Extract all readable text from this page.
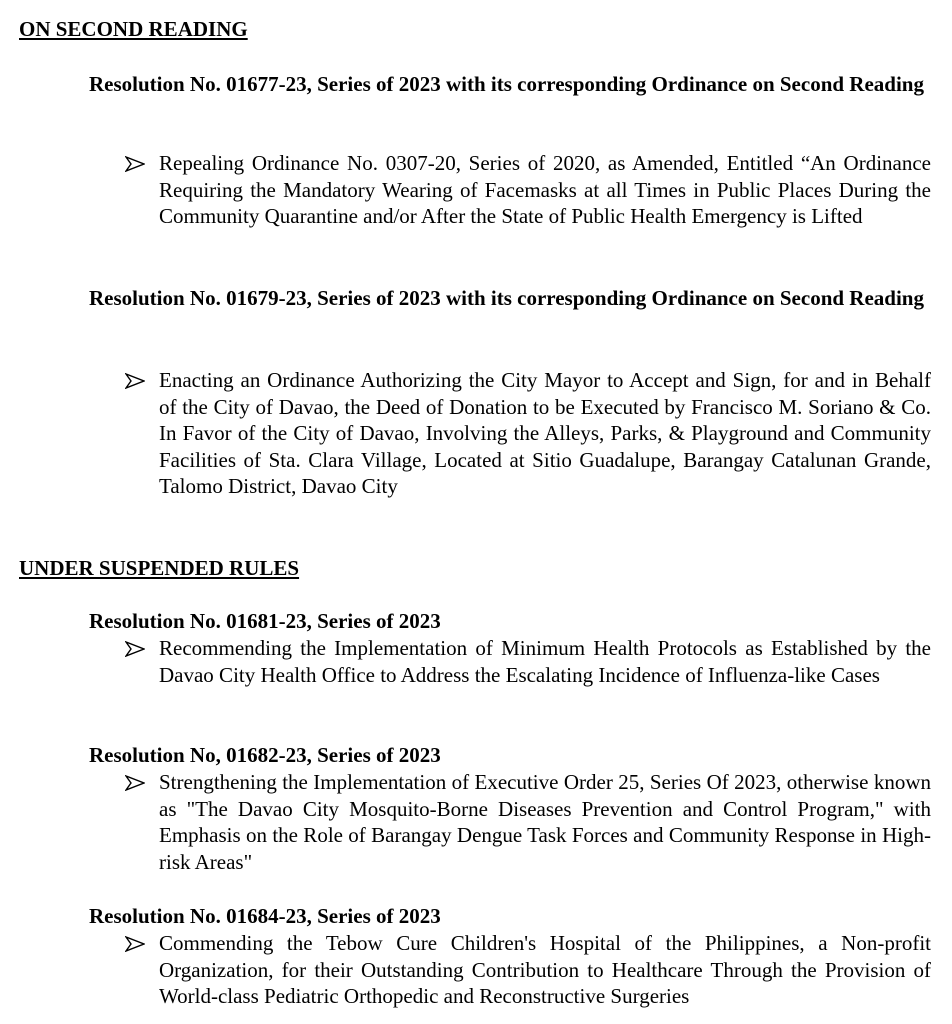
ON SECOND READING
Resolution No. 01677-23, Series of 2023 with its corresponding Ordinance on Second Reading

Repealing Ordinance No. 0307-20, Series of 2020, as Amended, Entitled “An Ordinance Requiring the Mandatory Wearing of Facemasks at all Times in Public Places During the Community Quarantine and/or After the State of Public Health Emergency is Lifted

Resolution No. 01679-23, Series of 2023 with its corresponding Ordinance on Second Reading

Enacting an Ordinance Authorizing the City Mayor to Accept and Sign, for and in Behalf of the City of Davao, the Deed of Donation to be Executed by Francisco M. Soriano & Co. In Favor of the City of Davao, Involving the Alleys, Parks, & Playground and Community Facilities of Sta. Clara Village, Located at Sitio Guadalupe, Barangay Catalunan Grande, Talomo District, Davao City

UNDER SUSPENDED RULES
Resolution No. 01681-23, Series of 2023

Recommending the Implementation of Minimum Health Protocols as Established by the Davao City Health Office to Address the Escalating Incidence of Influenza-like Cases

Resolution No, 01682-23, Series of 2023

Strengthening the Implementation of Executive Order 25, Series Of 2023, otherwise known as "The Davao City Mosquito-Borne Diseases Prevention and Control Program," with Emphasis on the Role of Barangay Dengue Task Forces and Community Response in High-risk Areas"

Resolution No. 01684-23, Series of 2023

Commending the Tebow Cure Children's Hospital of the Philippines, a Non-profit Organization, for their Outstanding Contribution to Healthcare Through the Provision of World-class Pediatric Orthopedic and Reconstructive Surgeries
